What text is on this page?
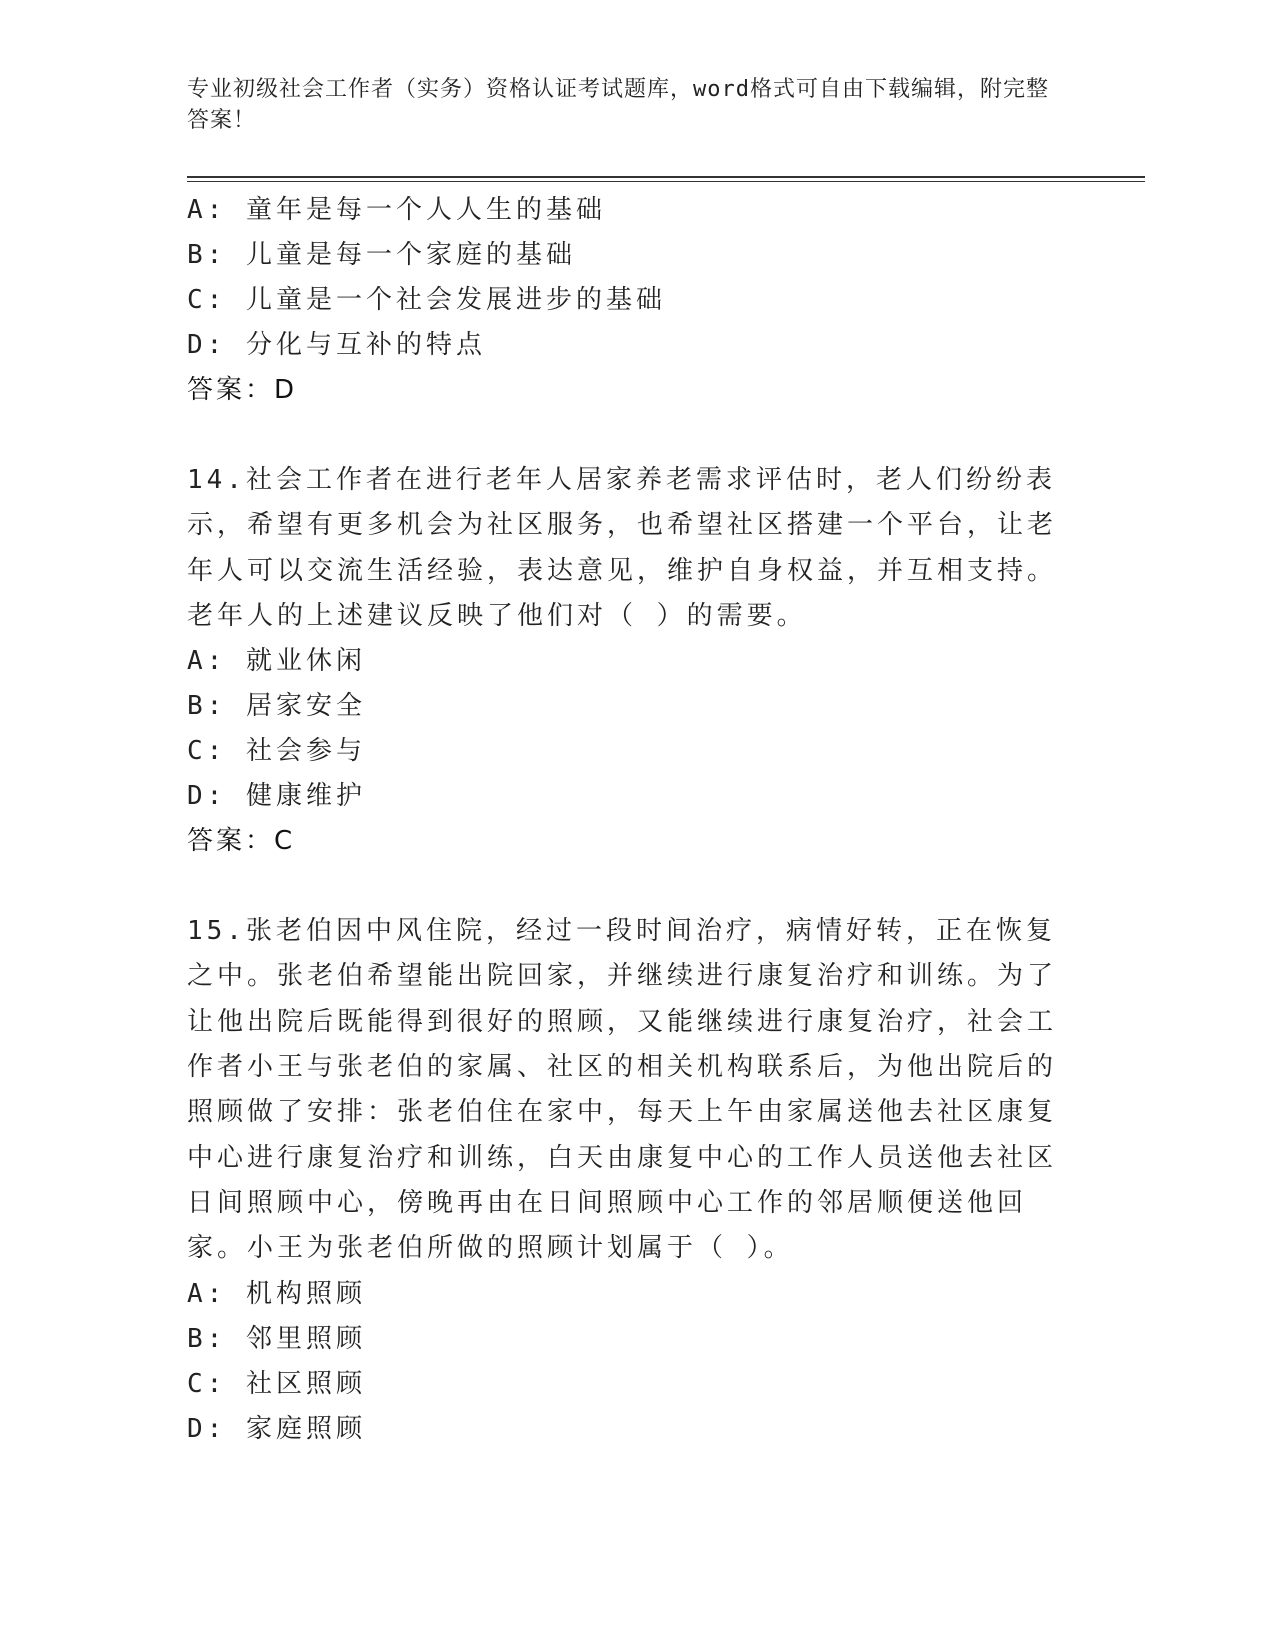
专业初级社会工作者（实务）资格认证考试题库，word格式可自由下载编辑，附完整答案！
A: 童年是每一个人人生的基础
B: 儿童是每一个家庭的基础
C: 儿童是一个社会发展进步的基础
D: 分化与互补的特点
答案：D
14.社会工作者在进行老年人居家养老需求评估时，老人们纷纷表示，希望有更多机会为社区服务，也希望社区搭建一个平台，让老年人可以交流生活经验，表达意见，维护自身权益，并互相支持。老年人的上述建议反映了他们对（ ）的需要。
A: 就业休闲
B: 居家安全
C: 社会参与
D: 健康维护
答案：C
15.张老伯因中风住院，经过一段时间治疗，病情好转，正在恢复之中。张老伯希望能出院回家，并继续进行康复治疗和训练。为了让他出院后既能得到很好的照顾，又能继续进行康复治疗，社会工作者小王与张老伯的家属、社区的相关机构联系后，为他出院后的照顾做了安排：张老伯住在家中，每天上午由家属送他去社区康复中心进行康复治疗和训练，白天由康复中心的工作人员送他去社区日间照顾中心，傍晚再由在日间照顾中心工作的邻居顺便送他回家。小王为张老伯所做的照顾计划属于（ ）。
A: 机构照顾
B: 邻里照顾
C: 社区照顾
D: 家庭照顾
